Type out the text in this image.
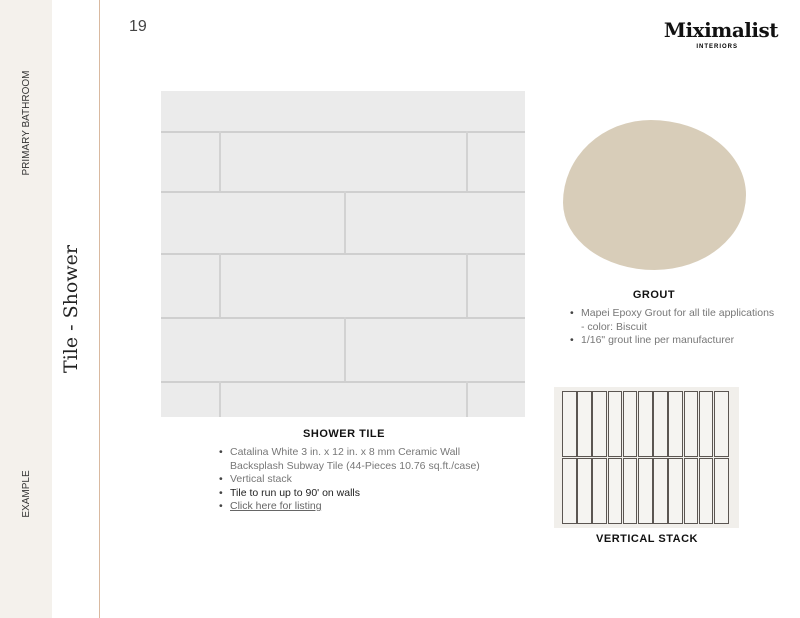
PRIMARY BATHROOM
EXAMPLE
Tile - Shower
19	Miximalist
INTERIORS
SHOWER TILE
• Catalina White 3 in. x 12 in. x 8 mm Ceramic Wall Backsplash Subway Tile (44-Pieces 10.76 sq.ft./case)
• Vertical stack
• Tile to run up to 90' on walls
• Click here for listing
GROUT
• Mapei Epoxy Grout for all tile applications - color: Biscuit
• 1/16" grout line per manufacturer
VERTICAL STACK
